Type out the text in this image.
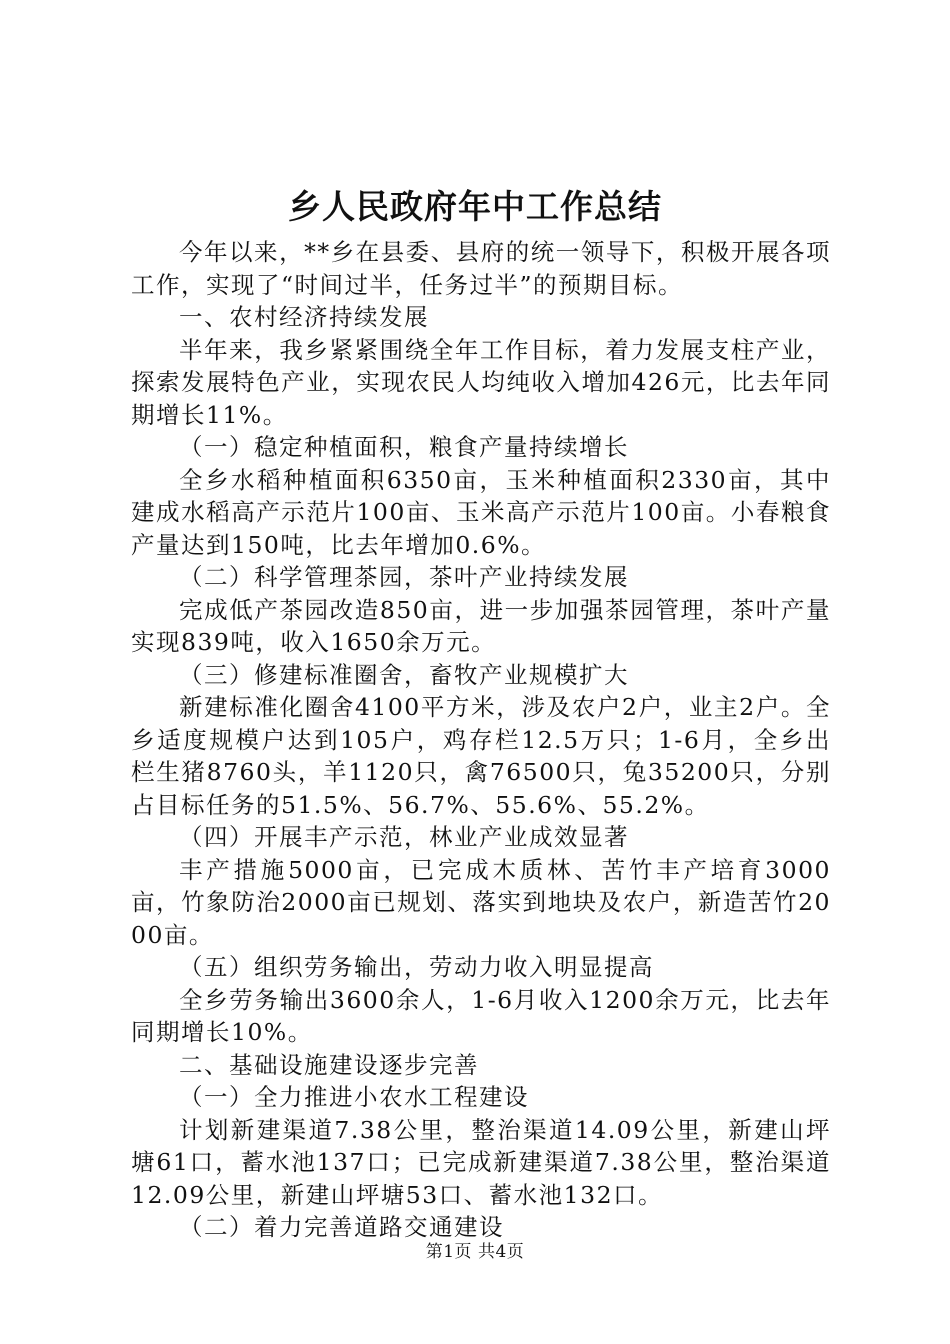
乡人民政府年中工作总结

今年以来，**乡在县委、县府的统一领导下，积极开展各项工作，实现了“时间过半，任务过半”的预期目标。

一、农村经济持续发展

半年来，我乡紧紧围绕全年工作目标，着力发展支柱产业，探索发展特色产业，实现农民人均纯收入增加426元，比去年同期增长11%。

（一）稳定种植面积，粮食产量持续增长

全乡水稻种植面积6350亩，玉米种植面积2330亩，其中建成水稻高产示范片100亩、玉米高产示范片100亩。小春粮食产量达到150吨，比去年增加0.6%。

（二）科学管理茶园，茶叶产业持续发展

完成低产茶园改造850亩，进一步加强茶园管理，茶叶产量实现839吨，收入1650余万元。

（三）修建标准圈舍，畜牧产业规模扩大

新建标准化圈舍4100平方米，涉及农户2户，业主2户。全乡适度规模户达到105户，鸡存栏12.5万只；1-6月，全乡出栏生猪8760头，羊1120只，禽76500只，兔35200只，分别占目标任务的51.5%、56.7%、55.6%、55.2%。

（四）开展丰产示范，林业产业成效显著

丰产措施5000亩，已完成木质林、苦竹丰产培育3000亩，竹象防治2000亩已规划、落实到地块及农户，新造苦竹2000亩。

（五）组织劳务输出，劳动力收入明显提高

全乡劳务输出3600余人，1-6月收入1200余万元，比去年同期增长10%。

二、基础设施建设逐步完善

（一）全力推进小农水工程建设

计划新建渠道7.38公里，整治渠道14.09公里，新建山坪塘61口，蓄水池137口；已完成新建渠道7.38公里，整治渠道12.09公里，新建山坪塘53口、蓄水池132口。

（二）着力完善道路交通建设

第1页 共4页
